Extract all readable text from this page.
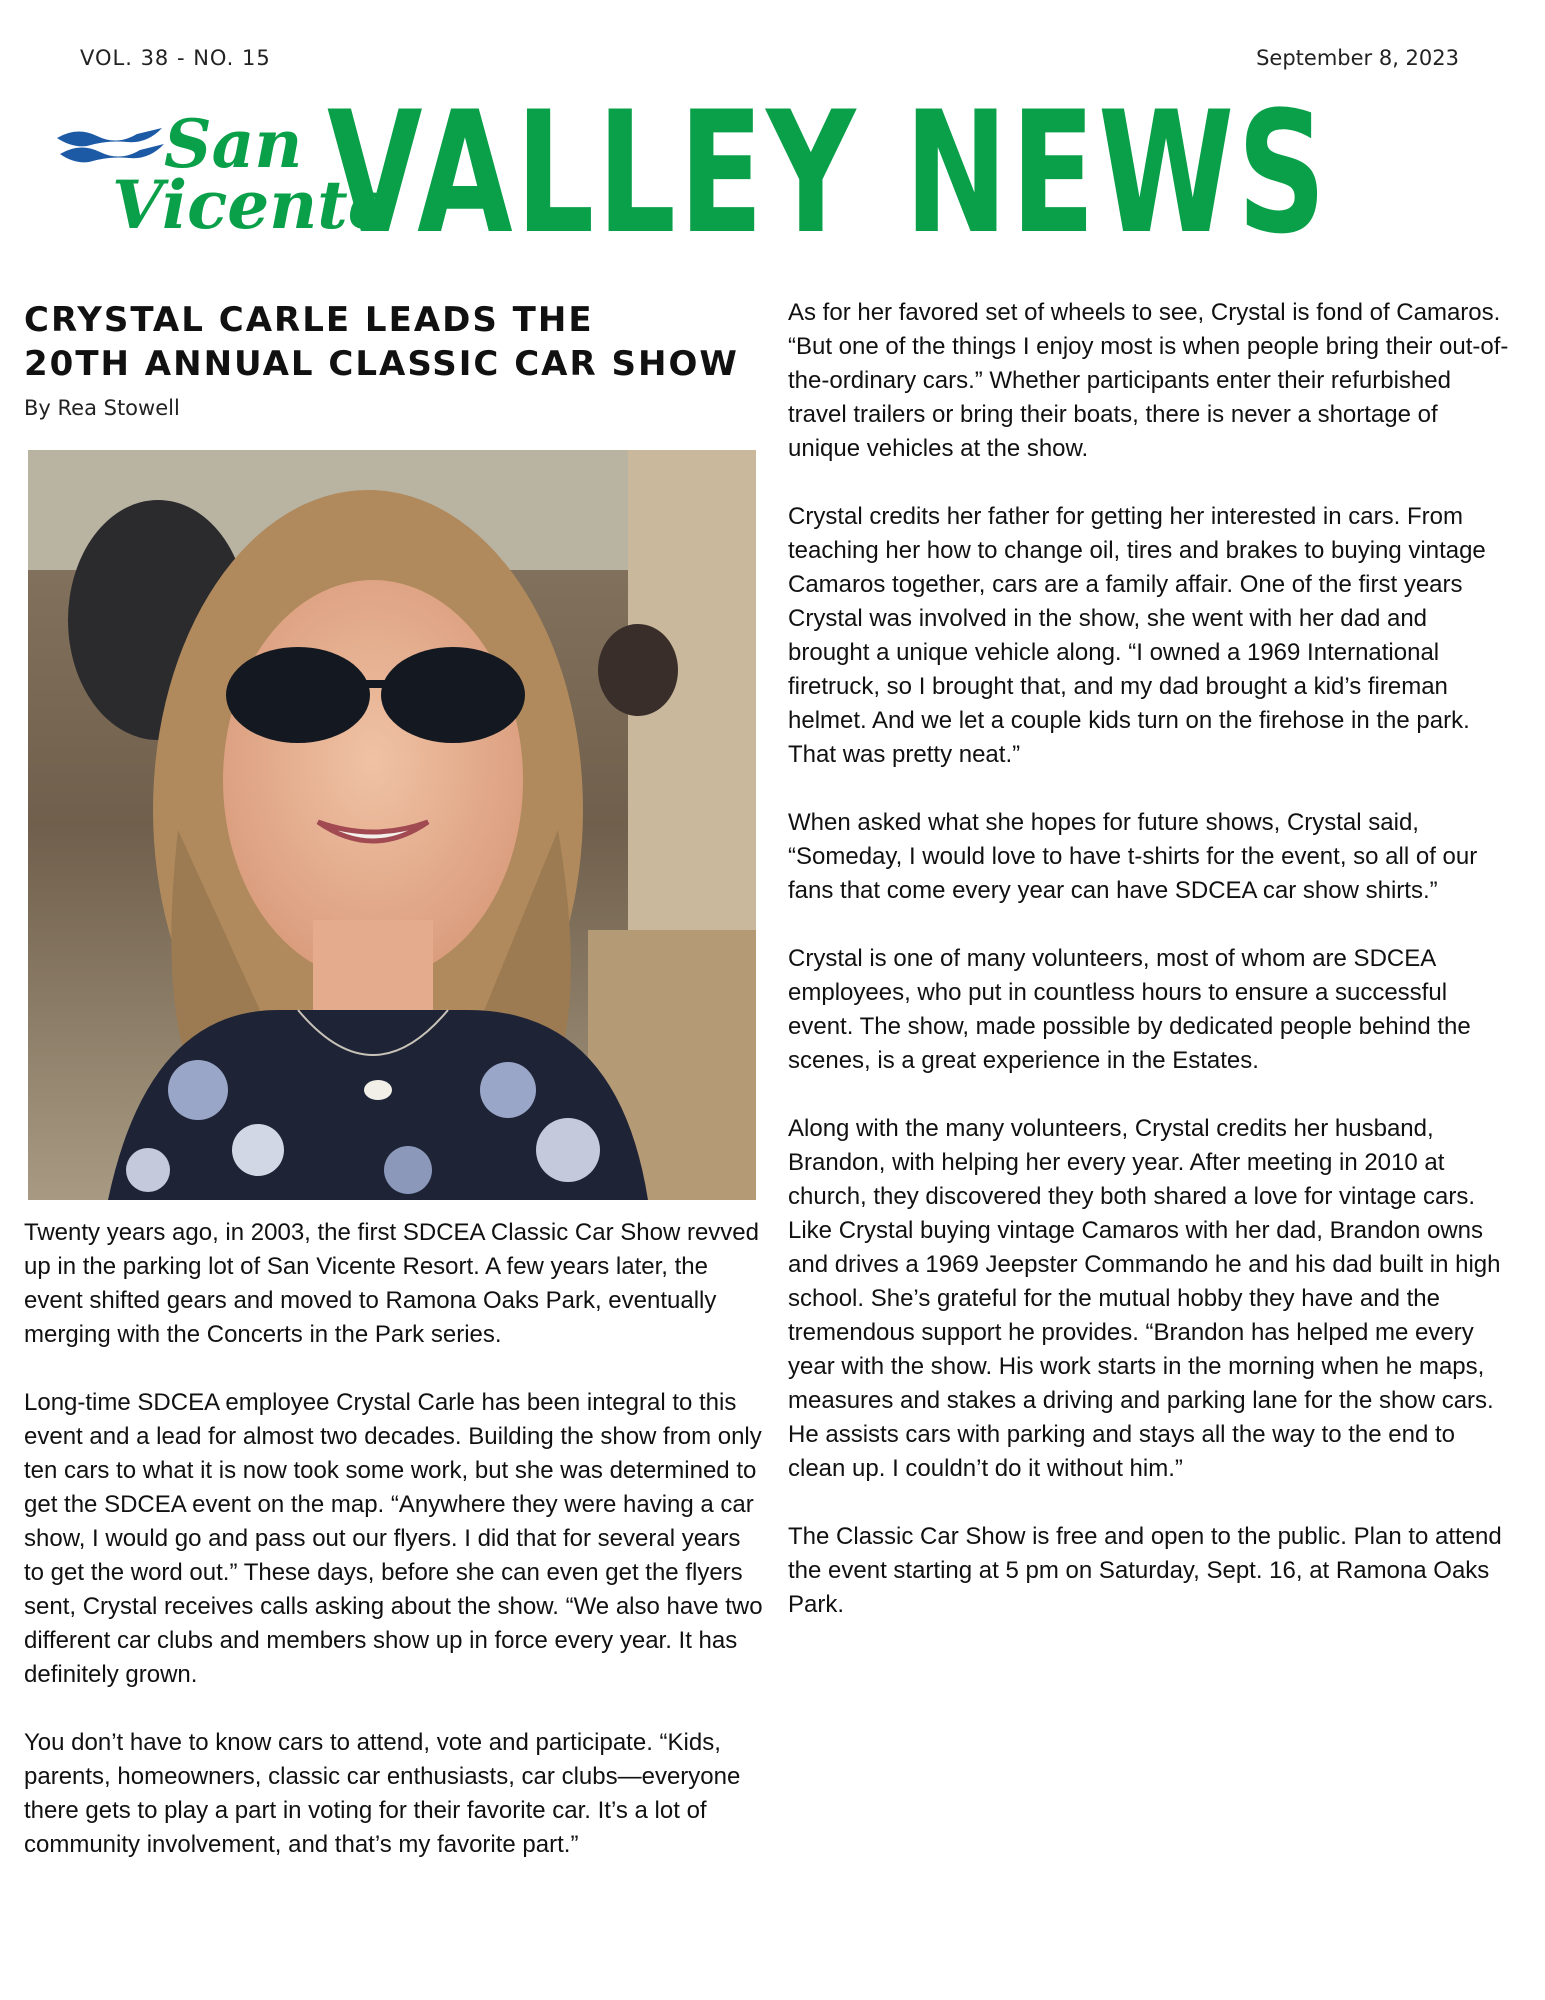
VOL. 38 - NO. 15	September 8, 2023
San
Vicente
VALLEY NEWS
CRYSTAL CARLE LEADS THE
20TH ANNUAL CLASSIC CAR SHOW
By Rea Stowell

Twenty years ago, in 2003, the first SDCEA Classic Car Show revved up in the parking lot of San Vicente Resort. A few years later, the event shifted gears and moved to Ramona Oaks Park, eventually merging with the Concerts in the Park series.

Long-time SDCEA employee Crystal Carle has been integral to this event and a lead for almost two decades. Building the show from only ten cars to what it is now took some work, but she was determined to get the SDCEA event on the map. “Anywhere they were having a car show, I would go and pass out our flyers. I did that for several years to get the word out.” These days, before she can even get the flyers sent, Crystal receives calls asking about the show. “We also have two different car clubs and members show up in force every year. It has definitely grown.

You don’t have to know cars to attend, vote and participate. “Kids, parents, homeowners, classic car enthusiasts, car clubs—everyone there gets to play a part in voting for their favorite car. It’s a lot of community involvement, and that’s my favorite part.”

As for her favored set of wheels to see, Crystal is fond of Camaros. “But one of the things I enjoy most is when people bring their out-of-the-ordinary cars.” Whether participants enter their refurbished travel trailers or bring their boats, there is never a shortage of unique vehicles at the show.

Crystal credits her father for getting her interested in cars. From teaching her how to change oil, tires and brakes to buying vintage Camaros together, cars are a family affair. One of the first years Crystal was involved in the show, she went with her dad and brought a unique vehicle along. “I owned a 1969 International firetruck, so I brought that, and my dad brought a kid’s fireman helmet. And we let a couple kids turn on the firehose in the park. That was pretty neat.”

When asked what she hopes for future shows, Crystal said, “Someday, I would love to have t-shirts for the event, so all of our fans that come every year can have SDCEA car show shirts.”

Crystal is one of many volunteers, most of whom are SDCEA employees, who put in countless hours to ensure a successful event. The show, made possible by dedicated people behind the scenes, is a great experience in the Estates.

Along with the many volunteers, Crystal credits her husband, Brandon, with helping her every year. After meeting in 2010 at church, they discovered they both shared a love for vintage cars. Like Crystal buying vintage Camaros with her dad, Brandon owns and drives a 1969 Jeepster Commando he and his dad built in high school. She’s grateful for the mutual hobby they have and the tremendous support he provides. “Brandon has helped me every year with the show. His work starts in the morning when he maps, measures and stakes a driving and parking lane for the show cars. He assists cars with parking and stays all the way to the end to clean up. I couldn’t do it without him.”

The Classic Car Show is free and open to the public. Plan to attend the event starting at 5 pm on Saturday, Sept. 16, at Ramona Oaks Park.
